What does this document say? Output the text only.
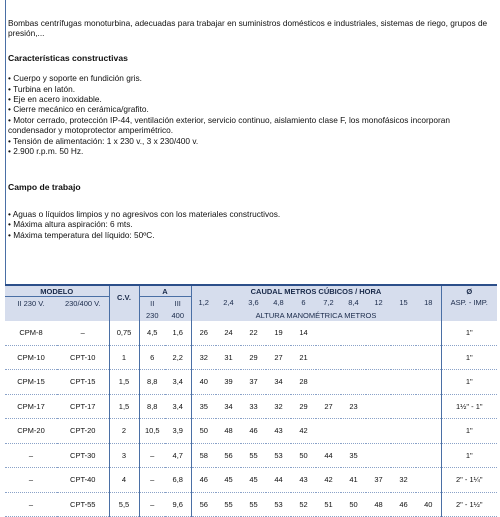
Bombas centrífugas monoturbina, adecuadas para trabajar en suministros domésticos e industriales, sistemas de riego, grupos de presión,...

Características constructivas
• Cuerpo y soporte en fundición gris.
• Turbina en latón.
• Eje en acero inoxidable.
• Cierre mecánico en cerámica/grafito.
• Motor cerrado, protección IP-44, ventilación exterior, servicio continuo, aislamiento clase F, los monofásicos incorporan condensador y motoprotector amperimétrico.
• Tensión de alimentación: 1 x 230 v., 3 x 230/400 v.
• 2.900 r.p.m. 50 Hz.
Campo de trabajo
• Aguas o líquidos limpios y no agresivos con los materiales constructivos.
• Máxima altura aspiración: 6 mts.
• Máxima temperatura del líquido: 50ºC.
MODELO		C.V.	A		CAUDAL METROS CÚBICOS / HORA										Ø
II 230 V.	230/400 V.		II	III	1,2	2,4	3,6	4,8	6	7,2	8,4	12	15	18	ASP. - IMP.
			230	400	ALTURA MANOMÉTRICA METROS										
CPM-8	–	0,75	4,5	1,6	26	24	22	19	14						1"
CPM-10	CPT-10	1	6	2,2	32	31	29	27	21						1"
CPM-15	CPT-15	1,5	8,8	3,4	40	39	37	34	28						1"
CPM-17	CPT-17	1,5	8,8	3,4	35	34	33	32	29	27	23				1½" - 1"
CPM-20	CPT-20	2	10,5	3,9	50	48	46	43	42						1"
–	CPT-30	3	–	4,7	58	56	55	53	50	44	35				1"
–	CPT-40	4	–	6,8	46	45	45	44	43	42	41	37	32		2" - 1¼"
–	CPT-55	5,5	–	9,6	56	55	55	53	52	51	50	48	46	40	2" - 1½"
